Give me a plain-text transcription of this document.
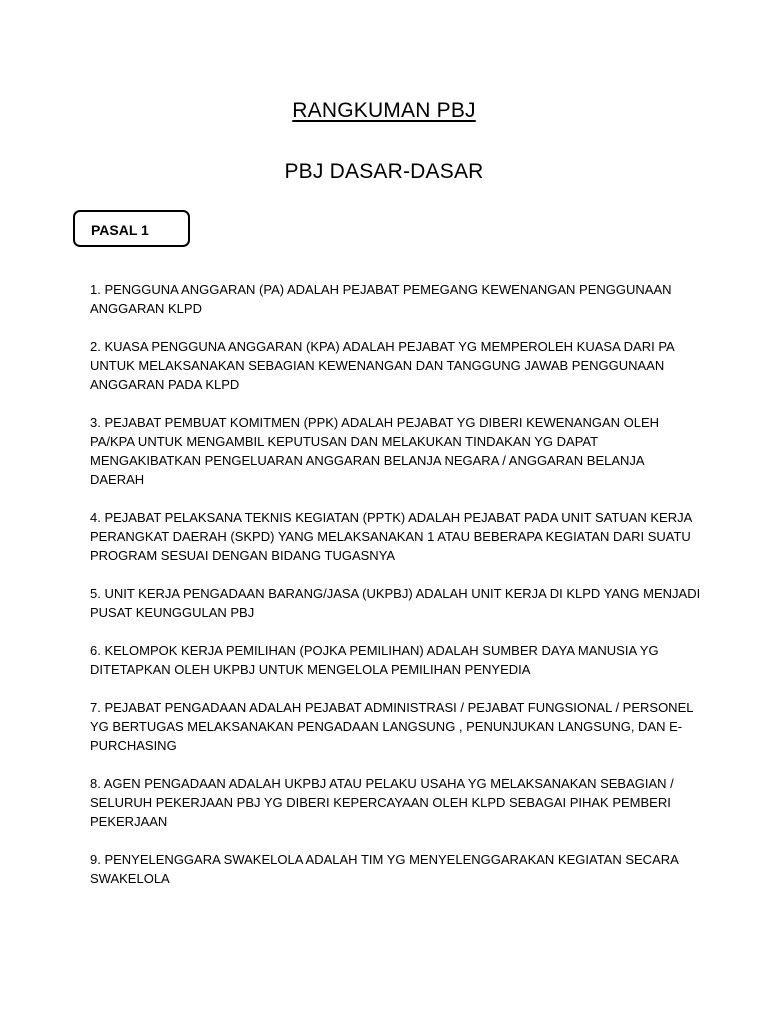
RANGKUMAN PBJ
PBJ DASAR-DASAR
PASAL 1
1. PENGGUNA ANGGARAN (PA) ADALAH PEJABAT PEMEGANG KEWENANGAN PENGGUNAAN
ANGGARAN KLPD
2. KUASA PENGGUNA ANGGARAN (KPA) ADALAH PEJABAT YG MEMPEROLEH KUASA DARI PA
UNTUK MELAKSANAKAN SEBAGIAN KEWENANGAN DAN TANGGUNG JAWAB PENGGUNAAN
ANGGARAN PADA KLPD
3. PEJABAT PEMBUAT KOMITMEN (PPK) ADALAH PEJABAT YG DIBERI KEWENANGAN OLEH
PA/KPA UNTUK MENGAMBIL KEPUTUSAN DAN MELAKUKAN TINDAKAN YG DAPAT
MENGAKIBATKAN PENGELUARAN ANGGARAN BELANJA NEGARA / ANGGARAN BELANJA
DAERAH
4. PEJABAT PELAKSANA TEKNIS KEGIATAN (PPTK) ADALAH PEJABAT PADA UNIT SATUAN KERJA
PERANGKAT DAERAH (SKPD) YANG MELAKSANAKAN 1 ATAU BEBERAPA KEGIATAN DARI SUATU
PROGRAM SESUAI DENGAN BIDANG TUGASNYA
5. UNIT KERJA PENGADAAN BARANG/JASA (UKPBJ) ADALAH UNIT KERJA DI KLPD YANG MENJADI
PUSAT KEUNGGULAN PBJ
6. KELOMPOK KERJA PEMILIHAN (POJKA PEMILIHAN) ADALAH SUMBER DAYA MANUSIA YG
DITETAPKAN OLEH UKPBJ UNTUK MENGELOLA PEMILIHAN PENYEDIA
7. PEJABAT PENGADAAN ADALAH PEJABAT ADMINISTRASI / PEJABAT FUNGSIONAL / PERSONEL
YG BERTUGAS MELAKSANAKAN PENGADAAN LANGSUNG , PENUNJUKAN LANGSUNG, DAN E-
PURCHASING
8. AGEN PENGADAAN ADALAH UKPBJ ATAU PELAKU USAHA YG MELAKSANAKAN SEBAGIAN /
SELURUH PEKERJAAN PBJ YG DIBERI KEPERCAYAAN OLEH KLPD SEBAGAI PIHAK PEMBERI
PEKERJAAN
9. PENYELENGGARA SWAKELOLA ADALAH TIM YG MENYELENGGARAKAN KEGIATAN SECARA
SWAKELOLA
